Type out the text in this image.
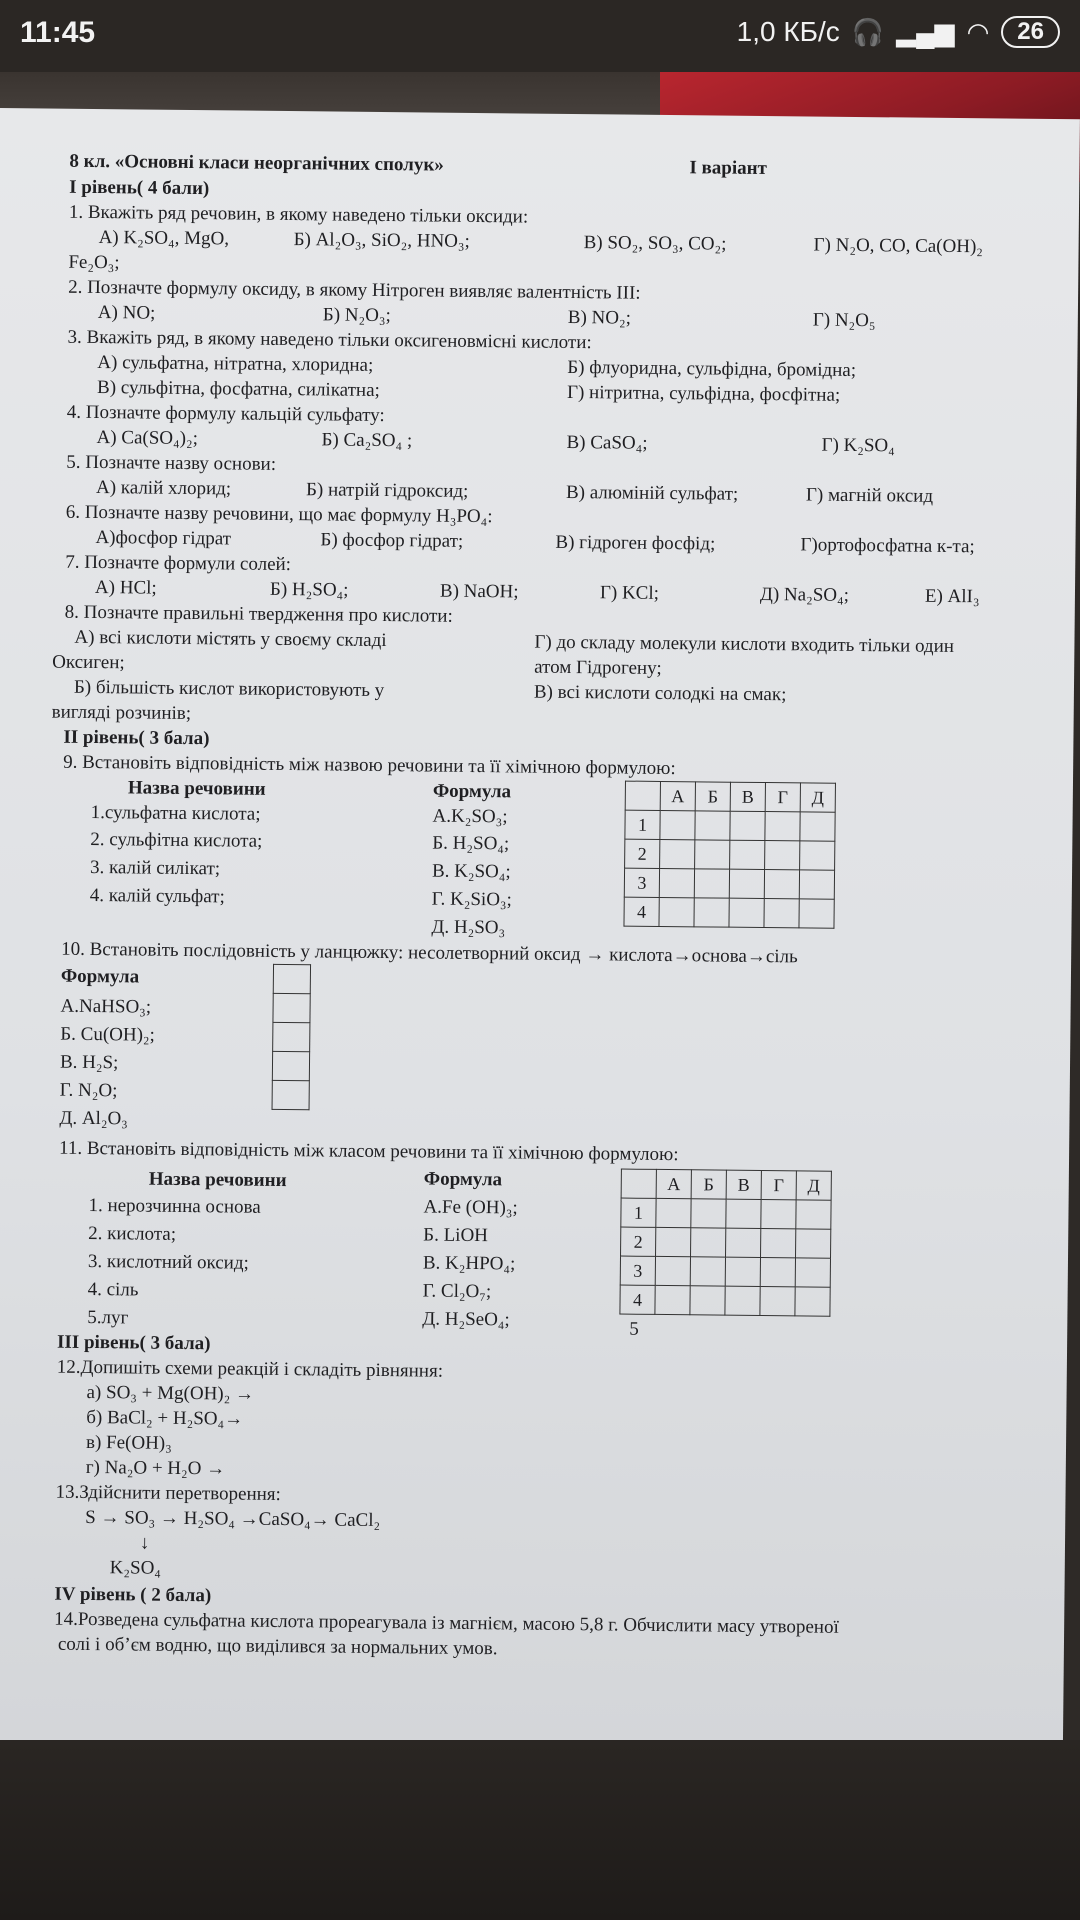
11:45	1,0 КБ/с 🎧 ▂▄▆ ◠	26
8 кл. «Основні класи неорганічних сполук»	І варіант
І рівень( 4 бали)
1. Вкажіть ряд речовин, в якому наведено тільки оксиди:
А) K₂SO₄, MgO,	Б) Al₂O₃, SiO₂, HNO₃;	В) SO₂, SO₃, CO₂;	Г) N₂O, CO, Ca(OH)₂
Fe₂O₃;
2. Позначте формулу оксиду, в якому Нітроген виявляє валентність ІІІ:
А) NO;	Б) N₂O₃;	В) NO₂;	Г) N₂O₅
3. Вкажіть ряд, в якому наведено тільки оксигеновмісні кислоти:
А) сульфатна, нітратна, хлоридна;	Б) флуоридна, сульфідна, бромідна;
В) сульфітна, фосфатна, силікатна;	Г) нітритна, сульфідна, фосфітна;
4. Позначте формулу кальцій сульфату:
А) Ca(SO₄)₂;	Б) Ca₂SO₄ ;	В) CaSO₄;	Г) K₂SO₄
5. Позначте назву основи:
А) калій хлорид;	Б) натрій гідроксид;	В) алюміній сульфат;	Г) магній оксид
6. Позначте назву речовини, що має формулу H₃PO₄:
А)фосфор гідрат	Б) фосфор гідрат;	В) гідроген фосфід;	Г)ортофосфатна к-та;
7. Позначте формули солей:
А) HCl;	Б) H₂SO₄;	В) NaOH;	Г) KCl;	Д) Na₂SO₄;	Е) AlI₃
8. Позначте правильні твердження про кислоти:
А) всі кислоти містять у своєму складі	Г) до складу молекули кислоти входить тільки один
Оксиген;	атом Гідрогену;
Б) більшість кислот використовують у	В) всі кислоти солодкі на смак;
вигляді розчинів;
ІІ рівень( 3 бала)
9. Встановіть відповідність між назвою речовини та її хімічною формулою:
Назва речовини	Формула
1.сульфатна кислота;
2. сульфітна кислота;
3. калій силікат;
4. калій сульфат;
А.K₂SO₃;
Б. H₂SO₄;
В. K₂SO₄;
Г. K₂SiO₃;
Д. H₂SO₃
	А	Б	В	Г	Д
1					
2					
3					
4					
10. Встановіть послідовність у ланцюжку: несолетворний оксид → кислота→основа→сіль
Формула
А.NaHSO₃;
Б. Cu(OH)₂;
В. H₂S;
Г. N₂O;
Д. Al₂O₃

11. Встановіть відповідність між класом речовини та її хімічною формулою:
Назва речовини	Формула
1. нерозчинна основа
2. кислота;
3. кислотний оксид;
4. сіль
5.луг
А.Fe (OH)₃;
Б. LiOH
В. K₂HPO₄;
Г. Cl₂O₇;
Д. H₂SeO₄;
	А	Б	В	Г	Д
1					
2					
3					
4					
5
ІІІ рівень( 3 бала)
12.Допишіть схеми реакцій і складіть рівняння:
а) SO₃ + Mg(OH)₂ →
б) BaCl₂ + H₂SO₄→
в) Fe(OH)₃
г) Na₂O + H₂O →
13.Здійснити перетворення:
S → SO₃ → H₂SO₄ →CaSO₄→ CaCl₂
↓
K₂SO₄
IV рівень ( 2 бала)
14.Розведена сульфатна кислота прореагувала із магнієм, масою 5,8 г. Обчислити масу утвореної
солі і об’єм водню, що виділився за нормальних умов.
